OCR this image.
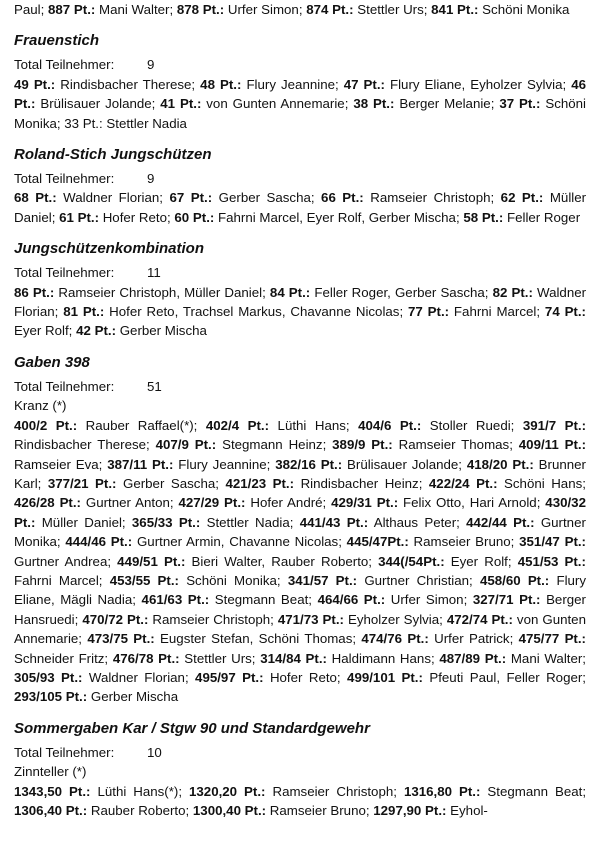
Paul; 887 Pt.: Mani Walter; 878 Pt.: Urfer Simon; 874 Pt.: Stettler Urs; 841 Pt.: Schöni Monika

Frauenstich

Total Teilnehmer: 9

49 Pt.: Rindisbacher Therese; 48 Pt.: Flury Jeannine; 47 Pt.: Flury Eliane, Eyholzer Sylvia; 46 Pt.: Brülisauer Jolande; 41 Pt.: von Gunten Annemarie; 38 Pt.: Berger Melanie; 37 Pt.: Schöni Monika; 33 Pt.: Stettler Nadia

Roland-Stich Jungschützen

Total Teilnehmer: 9

68 Pt.: Waldner Florian; 67 Pt.: Gerber Sascha; 66 Pt.: Ramseier Christoph; 62 Pt.: Müller Daniel; 61 Pt.: Hofer Reto; 60 Pt.: Fahrni Marcel, Eyer Rolf, Gerber Mischa; 58 Pt.: Feller Roger

Jungschützenkombination

Total Teilnehmer: 11

86 Pt.: Ramseier Christoph, Müller Daniel; 84 Pt.: Feller Roger, Gerber Sascha; 82 Pt.: Waldner Florian; 81 Pt.: Hofer Reto, Trachsel Markus, Chavanne Nicolas; 77 Pt.: Fahrni Marcel; 74 Pt.: Eyer Rolf; 42 Pt.: Gerber Mischa

Gaben 398

Total Teilnehmer: 51

Kranz (*)

400/2 Pt.: Rauber Raffael(*); 402/4 Pt.: Lüthi Hans; 404/6 Pt.: Stoller Ruedi; 391/7 Pt.: Rindisbacher Therese; 407/9 Pt.: Stegmann Heinz; 389/9 Pt.: Ramseier Thomas; 409/11 Pt.: Ramseier Eva; 387/11 Pt.: Flury Jeannine; 382/16 Pt.: Brülisauer Jolande; 418/20 Pt.: Brunner Karl; 377/21 Pt.: Gerber Sascha; 421/23 Pt.: Rindisbacher Heinz; 422/24 Pt.: Schöni Hans; 426/28 Pt.: Gurtner Anton; 427/29 Pt.: Hofer André; 429/31 Pt.: Felix Otto, Hari Arnold; 430/32 Pt.: Müller Daniel; 365/33 Pt.: Stettler Nadia; 441/43 Pt.: Althaus Peter; 442/44 Pt.: Gurtner Monika; 444/46 Pt.: Gurtner Armin, Chavanne Nicolas; 445/47Pt.: Ramseier Bruno; 351/47 Pt.: Gurtner Andrea; 449/51 Pt.: Bieri Walter, Rauber Roberto; 344(/54Pt.: Eyer Rolf; 451/53 Pt.: Fahrni Marcel; 453/55 Pt.: Schöni Monika; 341/57 Pt.: Gurtner Christian; 458/60 Pt.: Flury Eliane, Mägli Nadia; 461/63 Pt.: Stegmann Beat; 464/66 Pt.: Urfer Simon; 327/71 Pt.: Berger Hansruedi; 470/72 Pt.: Ramseier Christoph; 471/73 Pt.: Eyholzer Sylvia; 472/74 Pt.: von Gunten Annemarie; 473/75 Pt.: Eugster Stefan, Schöni Thomas; 474/76 Pt.: Urfer Patrick; 475/77 Pt.: Schneider Fritz; 476/78 Pt.: Stettler Urs; 314/84 Pt.: Haldimann Hans; 487/89 Pt.: Mani Walter; 305/93 Pt.: Waldner Florian; 495/97 Pt.: Hofer Reto; 499/101 Pt.: Pfeuti Paul, Feller Roger; 293/105 Pt.: Gerber Mischa

Sommergaben Kar / Stgw 90 und Standardgewehr

Total Teilnehmer: 10

Zinnteller (*)

1343,50 Pt.: Lüthi Hans(*); 1320,20 Pt.: Ramseier Christoph; 1316,80 Pt.: Stegmann Beat; 1306,40 Pt.: Rauber Roberto; 1300,40 Pt.: Ramseier Bruno; 1297,90 Pt.: Eyhol-
